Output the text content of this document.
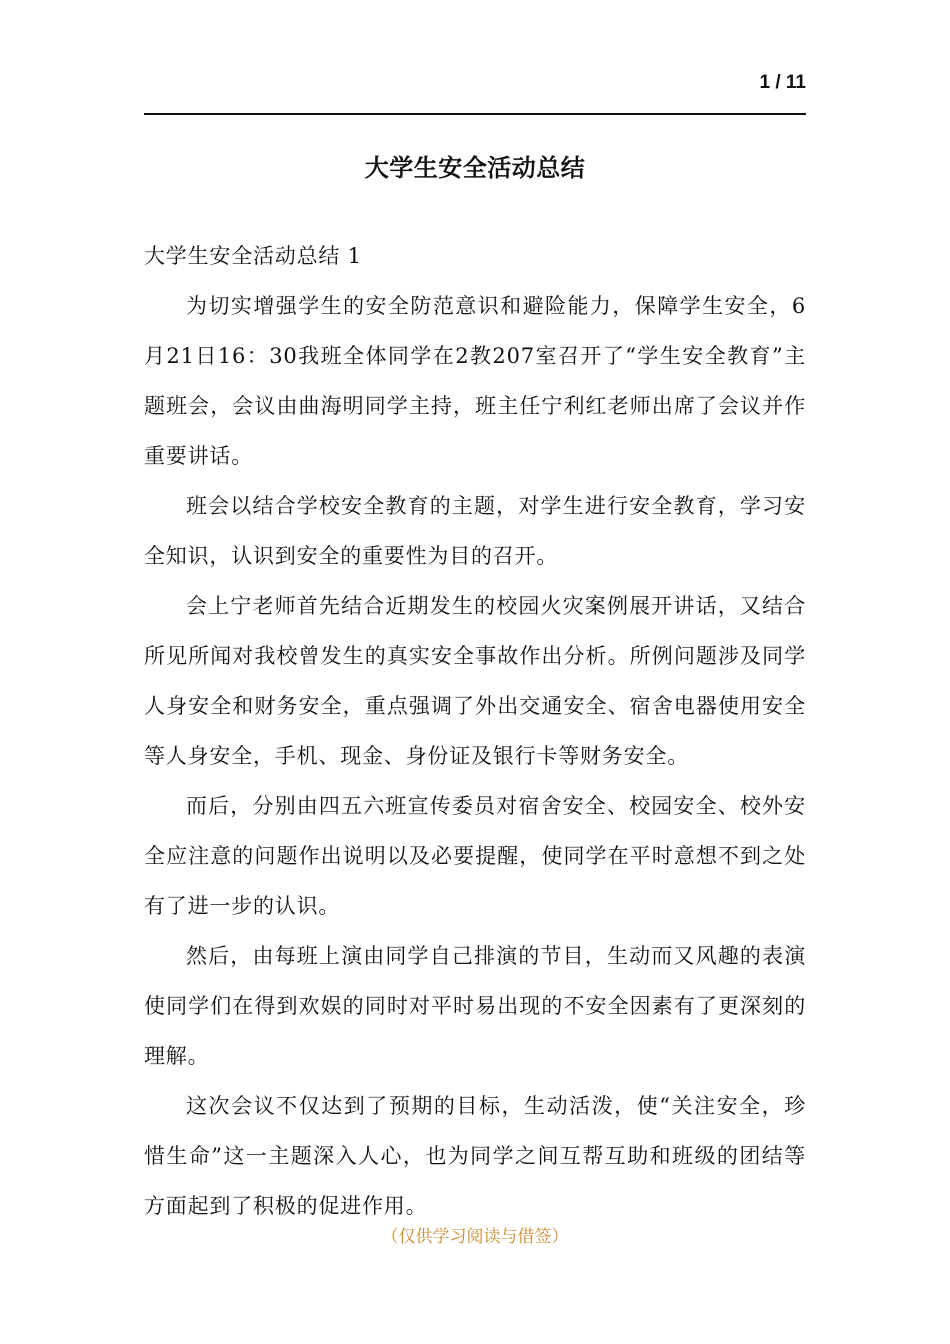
1 / 11
大学生安全活动总结

大学生安全活动总结 1

为切实增强学生的安全防范意识和避险能力，保障学生安全，6月21日16：30我班全体同学在2教207室召开了“学生安全教育”主题班会，会议由曲海明同学主持，班主任宁利红老师出席了会议并作重要讲话。

班会以结合学校安全教育的主题，对学生进行安全教育，学习安全知识，认识到安全的重要性为目的召开。

会上宁老师首先结合近期发生的校园火灾案例展开讲话，又结合所见所闻对我校曾发生的真实安全事故作出分析。所例问题涉及同学人身安全和财务安全，重点强调了外出交通安全、宿舍电器使用安全等人身安全，手机、现金、身份证及银行卡等财务安全。

而后，分别由四五六班宣传委员对宿舍安全、校园安全、校外安全应注意的问题作出说明以及必要提醒，使同学在平时意想不到之处有了进一步的认识。

然后，由每班上演由同学自己排演的节目，生动而又风趣的表演使同学们在得到欢娱的同时对平时易出现的不安全因素有了更深刻的理解。

这次会议不仅达到了预期的目标，生动活泼，使“关注安全，珍惜生命”这一主题深入人心，也为同学之间互帮互助和班级的团结等方面起到了积极的促进作用。

（仅供学习阅读与借签）
